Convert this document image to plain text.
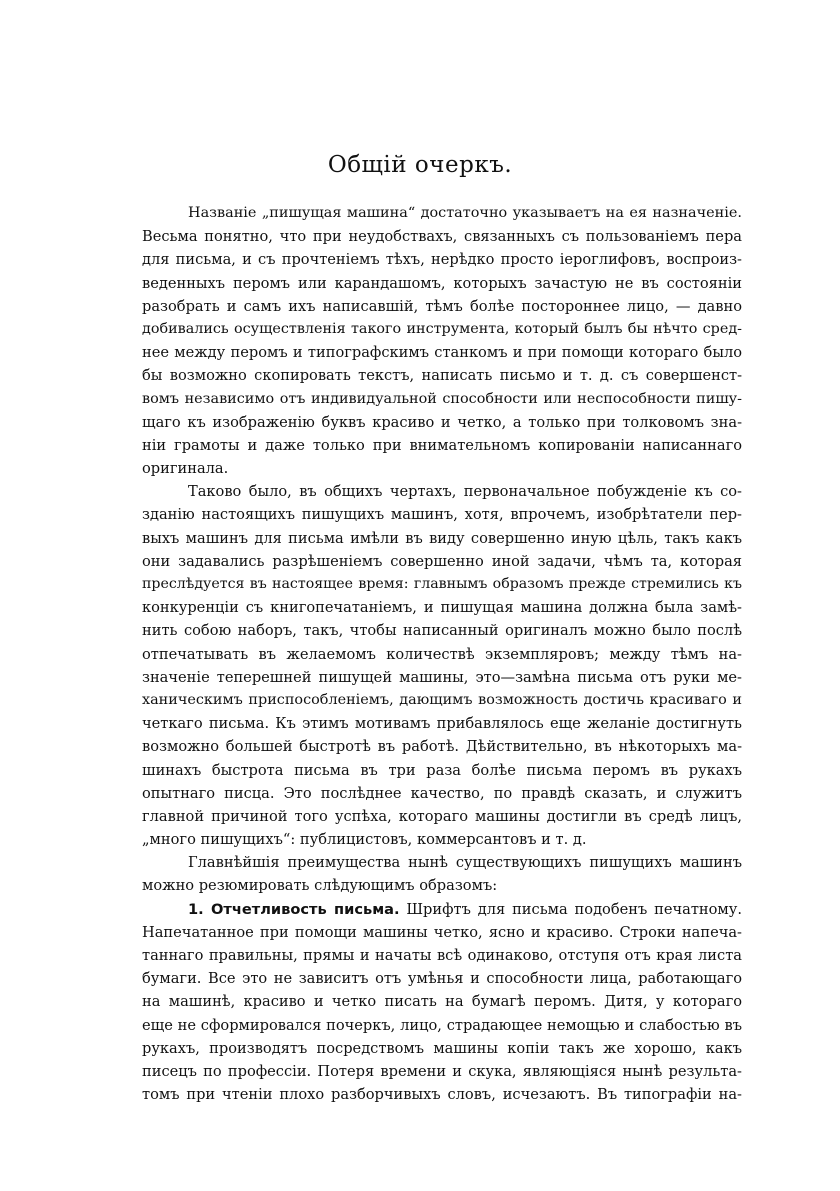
Общій очеркъ.
Названіе „пишущая машина“ достаточно указываетъ на ея назначеніе.
Весьма понятно, что при неудобствахъ, связанныхъ съ пользованіемъ пера
для письма, и съ прочтеніемъ тѣхъ, нерѣдко просто іероглифовъ, воспроиз-
веденныхъ перомъ или карандашомъ, которыхъ зачастую не въ состояніи
разобрать и самъ ихъ написавшій, тѣмъ болѣе постороннее лицо, — давно
добивались осуществленія такого инструмента, который былъ бы нѣчто сред-
нее между перомъ и типографскимъ станкомъ и при помощи котораго было
бы возможно скопировать текстъ, написать письмо и т. д. съ совершенст-
вомъ независимо отъ индивидуальной способности или неспособности пишу-
щаго къ изображенію буквъ красиво и четко, а только при толковомъ зна-
ніи грамоты и даже только при внимательномъ копированіи написаннаго
оригинала.
Таково было, въ общихъ чертахъ, первоначальное побужденіе къ со-
зданію настоящихъ пишущихъ машинъ, хотя, впрочемъ, изобрѣтатели пер-
выхъ машинъ для письма имѣли въ виду совершенно иную цѣль, такъ какъ
они задавались разрѣшеніемъ совершенно иной задачи, чѣмъ та, которая
преслѣдуется въ настоящее время: главнымъ образомъ прежде стремились къ
конкуренціи съ книгопечатаніемъ, и пишущая машина должна была замѣ-
нить собою наборъ, такъ, чтобы написанный оригиналъ можно было послѣ
отпечатывать въ желаемомъ количествѣ экземпляровъ; между тѣмъ на-
значеніе теперешней пишущей машины, это—замѣна письма отъ руки ме-
ханическимъ приспособленіемъ, дающимъ возможность достичь красиваго и
четкаго письма. Къ этимъ мотивамъ прибавлялось еще желаніе достигнуть
возможно большей быстротѣ въ работѣ. Дѣйствительно, въ нѣкоторыхъ ма-
шинахъ быстрота письма въ три раза болѣе письма перомъ въ рукахъ
опытнаго писца. Это послѣднее качество, по правдѣ сказать, и служитъ
главной причиной того успѣха, котораго машины достигли въ средѣ лицъ,
„много пишущихъ“: публицистовъ, коммерсантовъ и т. д.
Главнѣйшія преимущества нынѣ существующихъ пишущихъ машинъ
можно резюмировать слѣдующимъ образомъ:
1. Отчетливость письма. Шрифтъ для письма подобенъ печатному.
Напечатанное при помощи машины четко, ясно и красиво. Строки напеча-
таннаго правильны, прямы и начаты всѣ одинаково, отступя отъ края листа
бумаги. Все это не зависитъ отъ умѣнья и способности лица, работающаго
на машинѣ, красиво и четко писать на бумагѣ перомъ. Дитя, у котораго
еще не сформировался почеркъ, лицо, страдающее немощью и слабостью въ
рукахъ, производятъ посредствомъ машины копіи такъ же хорошо, какъ
писецъ по профессіи. Потеря времени и скука, являющіяся нынѣ результа-
томъ при чтеніи плохо разборчивыхъ словъ, исчезаютъ. Въ типографіи на-
